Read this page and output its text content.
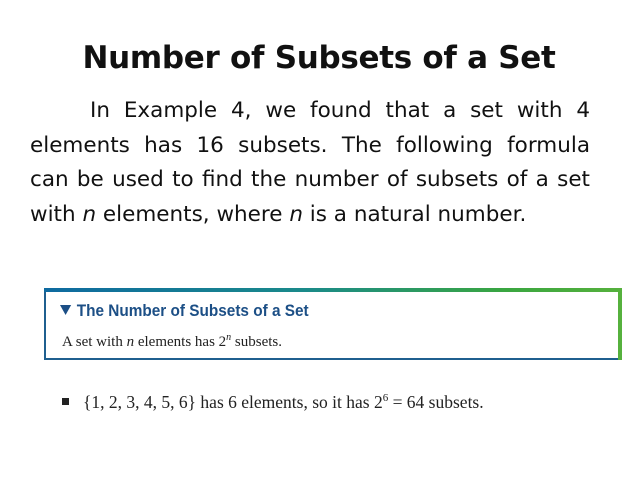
Number of Subsets of a Set

In Example 4, we found that a set with 4 elements has 16 subsets. The following formula can be used to find the number of subsets of a set with n elements, where n is a natural number.

The Number of Subsets of a Set
A set with n elements has 2$^n$ subsets.
{1, 2, 3, 4, 5, 6} has 6 elements, so it has $2^6 = 64$ subsets.
